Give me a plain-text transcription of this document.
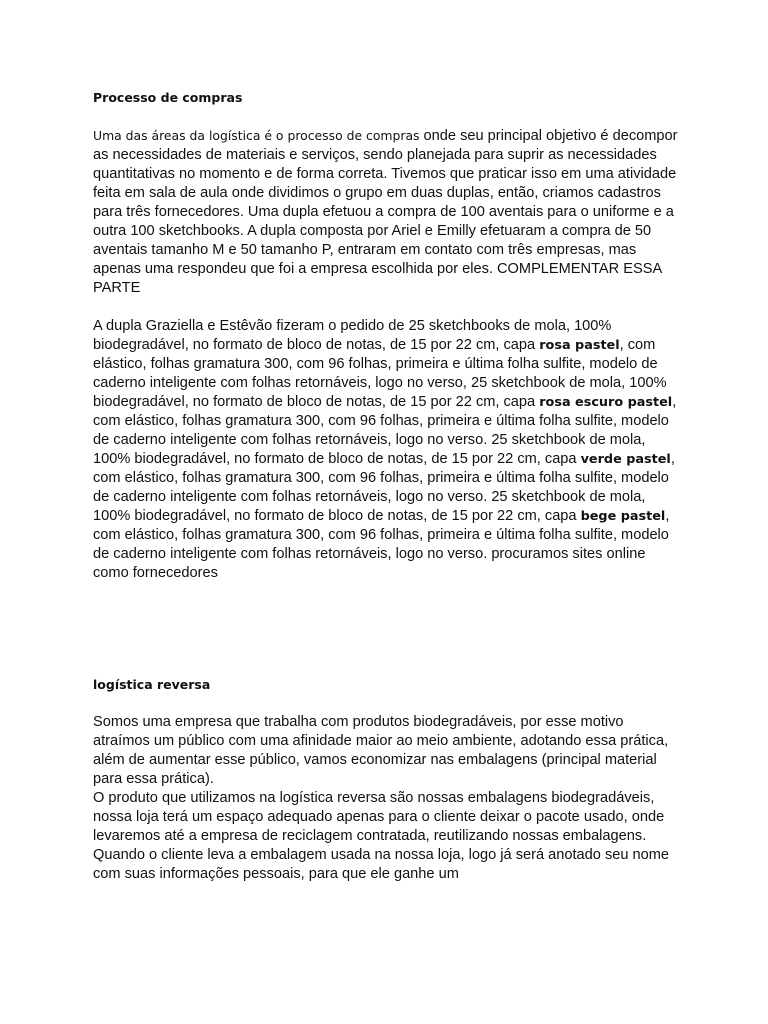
Processo de compras

Uma das áreas da logística é o processo de compras onde seu principal objetivo é decompor as necessidades de materiais e serviços, sendo planejada para suprir as necessidades quantitativas no momento e de forma correta. Tivemos que praticar isso em uma atividade feita em sala de aula onde dividimos o grupo em duas duplas, então, criamos cadastros para três fornecedores. Uma dupla efetuou a compra de 100 aventais para o uniforme e a outra 100 sketchbooks. A dupla composta por Ariel e Emilly efetuaram a compra de 50 aventais tamanho M e 50 tamanho P, entraram em contato com três empresas, mas apenas uma respondeu que foi a empresa escolhida por eles. COMPLEMENTAR ESSA PARTE

A dupla Graziella e Estêvão fizeram o pedido de 25 sketchbooks de mola, 100% biodegradável, no formato de bloco de notas, de 15 por 22 cm, capa rosa pastel, com elástico, folhas gramatura 300, com 96 folhas, primeira e última folha sulfite, modelo de caderno inteligente com folhas retornáveis, logo no verso, 25 sketchbook de mola, 100% biodegradável, no formato de bloco de notas, de 15 por 22 cm, capa rosa escuro pastel, com elástico, folhas gramatura 300, com 96 folhas, primeira e última folha sulfite, modelo de caderno inteligente com folhas retornáveis, logo no verso. 25 sketchbook de mola, 100% biodegradável, no formato de bloco de notas, de 15 por 22 cm, capa verde pastel, com elástico, folhas gramatura 300, com 96 folhas, primeira e última folha sulfite, modelo de caderno inteligente com folhas retornáveis, logo no verso. 25 sketchbook de mola, 100% biodegradável, no formato de bloco de notas, de 15 por 22 cm, capa bege pastel, com elástico, folhas gramatura 300, com 96 folhas, primeira e última folha sulfite, modelo de caderno inteligente com folhas retornáveis, logo no verso. procuramos sites online como fornecedores

logística reversa

Somos uma empresa que trabalha com produtos biodegradáveis, por esse motivo atraímos um público com uma afinidade maior ao meio ambiente, adotando essa prática, além de aumentar esse público, vamos economizar nas embalagens (principal material para essa prática).

O produto que utilizamos na logística reversa são nossas embalagens biodegradáveis, nossa loja terá um espaço adequado apenas para o cliente deixar o pacote usado, onde levaremos até a empresa de reciclagem contratada, reutilizando nossas embalagens. Quando o cliente leva a embalagem usada na nossa loja, logo já será anotado seu nome com suas informações pessoais, para que ele ganhe um
